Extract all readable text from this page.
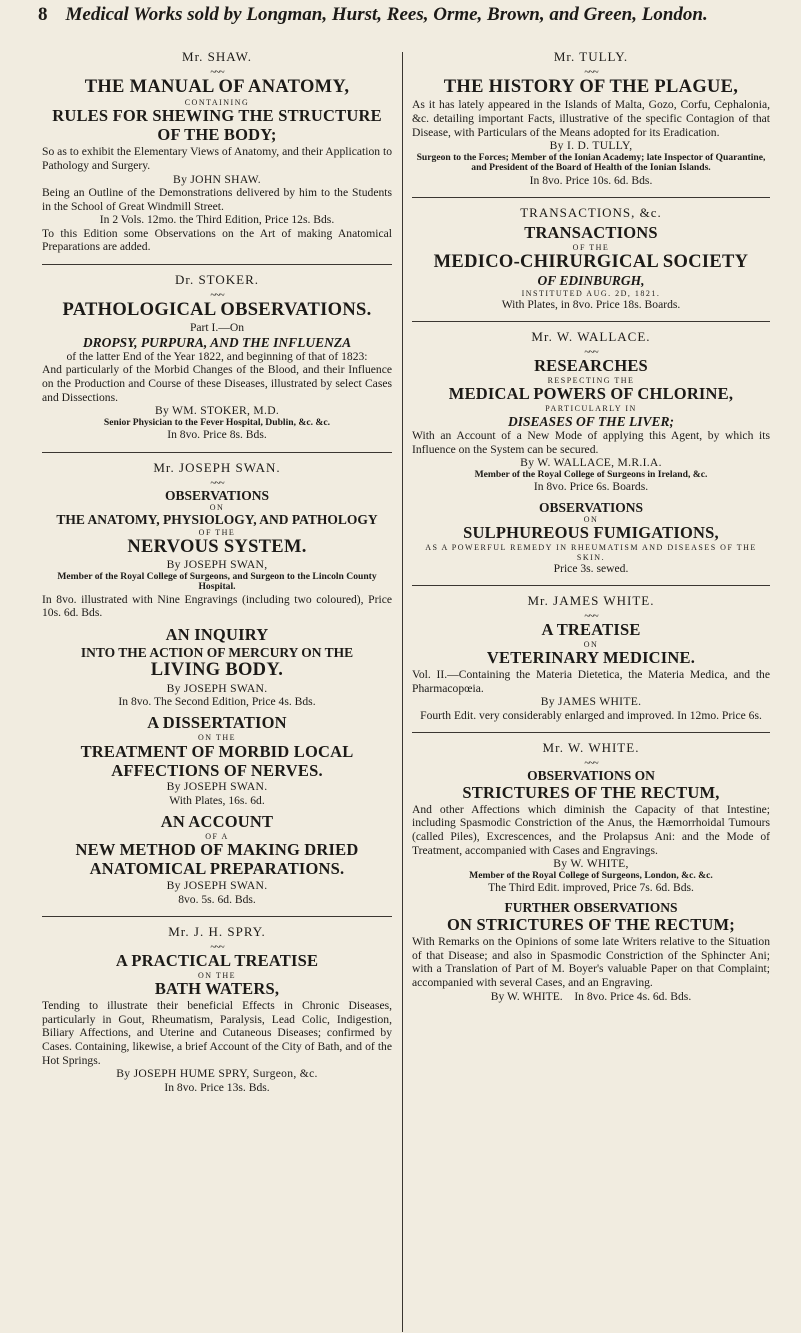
8 Medical Works sold by Longman, Hurst, Rees, Orme, Brown, and Green, London.
Mr. SHAW.
~~~
THE MANUAL OF ANATOMY,
CONTAINING
RULES FOR SHEWING THE STRUCTURE OF THE BODY;
So as to exhibit the Elementary Views of Anatomy, and their Application to Pathology and Surgery.
By JOHN SHAW.
Being an Outline of the Demonstrations delivered by him to the Students in the School of Great Windmill Street.
In 2 Vols. 12mo. the Third Edition, Price 12s. Bds.
To this Edition some Observations on the Art of making Anatomical Preparations are added.
Dr. STOKER.
~~~
PATHOLOGICAL OBSERVATIONS.
Part I.—On
DROPSY, PURPURA, AND THE INFLUENZA
of the latter End of the Year 1822, and beginning of that of 1823:
And particularly of the Morbid Changes of the Blood, and their Influence on the Production and Course of these Diseases, illustrated by select Cases and Dissections.
By WM. STOKER, M.D.
Senior Physician to the Fever Hospital, Dublin, &c. &c.
In 8vo. Price 8s. Bds.
Mr. JOSEPH SWAN.
~~~
OBSERVATIONS
ON
THE ANATOMY, PHYSIOLOGY, AND PATHOLOGY
OF THE
NERVOUS SYSTEM.
By JOSEPH SWAN,
Member of the Royal College of Surgeons, and Surgeon to the Lincoln County Hospital.
In 8vo. illustrated with Nine Engravings (including two coloured), Price 10s. 6d. Bds.
AN INQUIRY
INTO THE ACTION OF MERCURY ON THE
LIVING BODY.
By JOSEPH SWAN.
In 8vo. The Second Edition, Price 4s. Bds.
A DISSERTATION
ON THE
TREATMENT OF MORBID LOCAL AFFECTIONS OF NERVES.
By JOSEPH SWAN.
With Plates, 16s. 6d.
AN ACCOUNT
OF A
NEW METHOD OF MAKING DRIED ANATOMICAL PREPARATIONS.
By JOSEPH SWAN.
8vo. 5s. 6d. Bds.
Mr. J. H. SPRY.
~~~
A PRACTICAL TREATISE
ON THE
BATH WATERS,
Tending to illustrate their beneficial Effects in Chronic Diseases, particularly in Gout, Rheumatism, Paralysis, Lead Colic, Indigestion, Biliary Affections, and Uterine and Cutaneous Diseases; confirmed by Cases. Containing, likewise, a brief Account of the City of Bath, and of the Hot Springs.
By JOSEPH HUME SPRY, Surgeon, &c.
In 8vo. Price 13s. Bds.
Mr. TULLY.
~~~
THE HISTORY OF THE PLAGUE,
As it has lately appeared in the Islands of Malta, Gozo, Corfu, Cephalonia, &c. detailing important Facts, illustrative of the specific Contagion of that Disease, with Particulars of the Means adopted for its Eradication.
By I. D. TULLY,
Surgeon to the Forces; Member of the Ionian Academy; late Inspector of Quarantine, and President of the Board of Health of the Ionian Islands.
In 8vo. Price 10s. 6d. Bds.
TRANSACTIONS, &c.
TRANSACTIONS
OF THE
MEDICO-CHIRURGICAL SOCIETY
OF EDINBURGH,
INSTITUTED AUG. 2D, 1821.
With Plates, in 8vo. Price 18s. Boards.
Mr. W. WALLACE.
~~~
RESEARCHES
RESPECTING THE
MEDICAL POWERS OF CHLORINE,
PARTICULARLY IN
DISEASES OF THE LIVER;
With an Account of a New Mode of applying this Agent, by which its Influence on the System can be secured.
By W. WALLACE, M.R.I.A.
Member of the Royal College of Surgeons in Ireland, &c.
In 8vo. Price 6s. Boards.
OBSERVATIONS
ON
SULPHUREOUS FUMIGATIONS,
AS A POWERFUL REMEDY IN RHEUMATISM AND DISEASES OF THE SKIN.
Price 3s. sewed.
Mr. JAMES WHITE.
~~~
A TREATISE
ON
VETERINARY MEDICINE.
Vol. II.—Containing the Materia Dietetica, the Materia Medica, and the Pharmacopœia.
By JAMES WHITE.
Fourth Edit. very considerably enlarged and improved. In 12mo. Price 6s.
Mr. W. WHITE.
~~~
OBSERVATIONS ON
STRICTURES OF THE RECTUM,
And other Affections which diminish the Capacity of that Intestine; including Spasmodic Constriction of the Anus, the Hæmorrhoidal Tumours (called Piles), Excrescences, and the Prolapsus Ani: and the Mode of Treatment, accompanied with Cases and Engravings.
By W. WHITE,
Member of the Royal College of Surgeons, London, &c. &c.
The Third Edit. improved, Price 7s. 6d. Bds.
FURTHER OBSERVATIONS
ON STRICTURES OF THE RECTUM;
With Remarks on the Opinions of some late Writers relative to the Situation of that Disease; and also in Spasmodic Constriction of the Sphincter Ani; with a Translation of Part of M. Boyer's valuable Paper on that Complaint; accompanied with several Cases, and an Engraving.
By W. WHITE. In 8vo. Price 4s. 6d. Bds.
